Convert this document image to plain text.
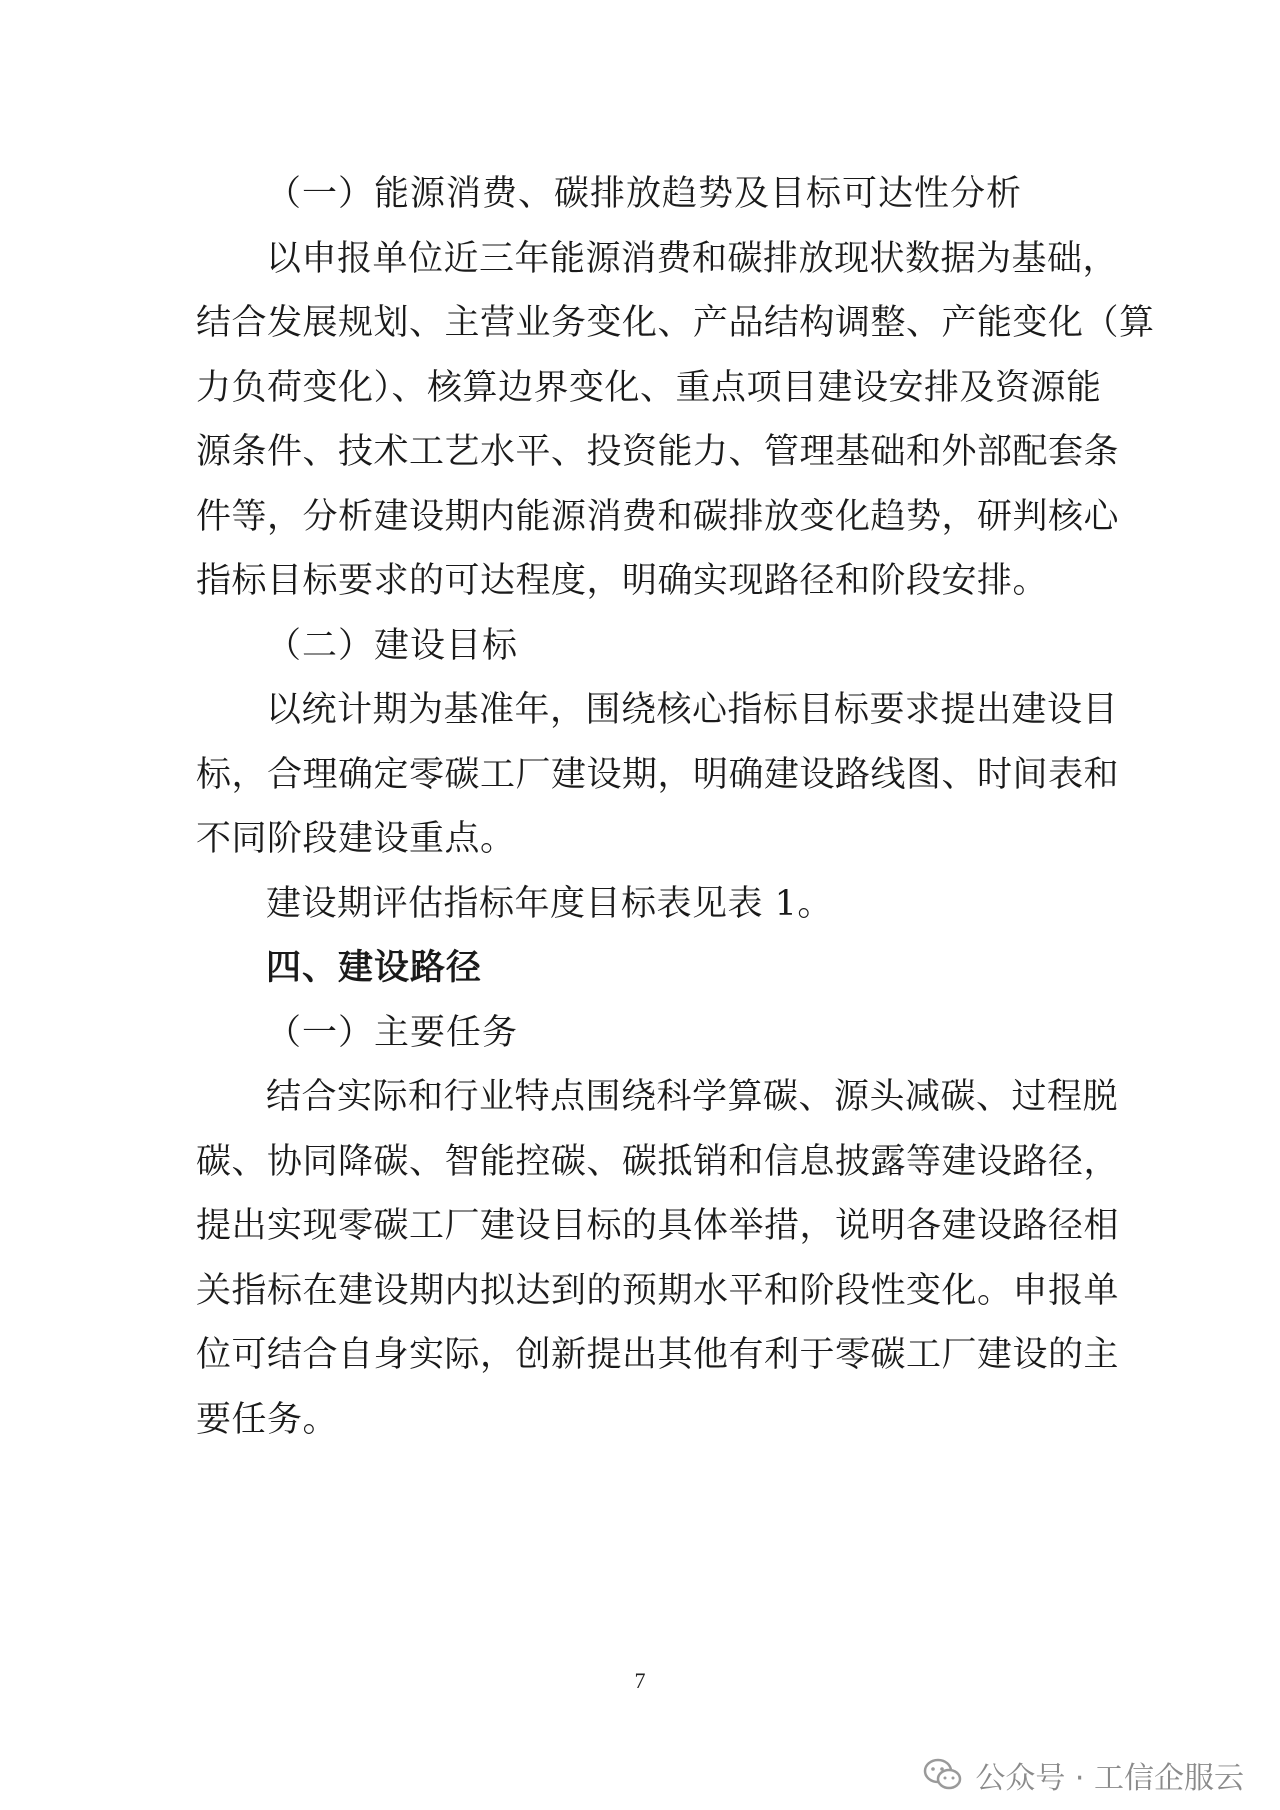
（一）能源消费、碳排放趋势及目标可达性分析
以申报单位近三年能源消费和碳排放现状数据为基础，
结合发展规划、主营业务变化、产品结构调整、产能变化（算
力负荷变化）、核算边界变化、重点项目建设安排及资源能
源条件、技术工艺水平、投资能力、管理基础和外部配套条
件等，分析建设期内能源消费和碳排放变化趋势，研判核心
指标目标要求的可达程度，明确实现路径和阶段安排。
（二）建设目标
以统计期为基准年，围绕核心指标目标要求提出建设目
标，合理确定零碳工厂建设期，明确建设路线图、时间表和
不同阶段建设重点。
建设期评估指标年度目标表见表 1。
四、建设路径
（一）主要任务
结合实际和行业特点围绕科学算碳、源头减碳、过程脱
碳、协同降碳、智能控碳、碳抵销和信息披露等建设路径，
提出实现零碳工厂建设目标的具体举措，说明各建设路径相
关指标在建设期内拟达到的预期水平和阶段性变化。申报单
位可结合自身实际，创新提出其他有利于零碳工厂建设的主
要任务。
7
公众号 · 工信企服云
